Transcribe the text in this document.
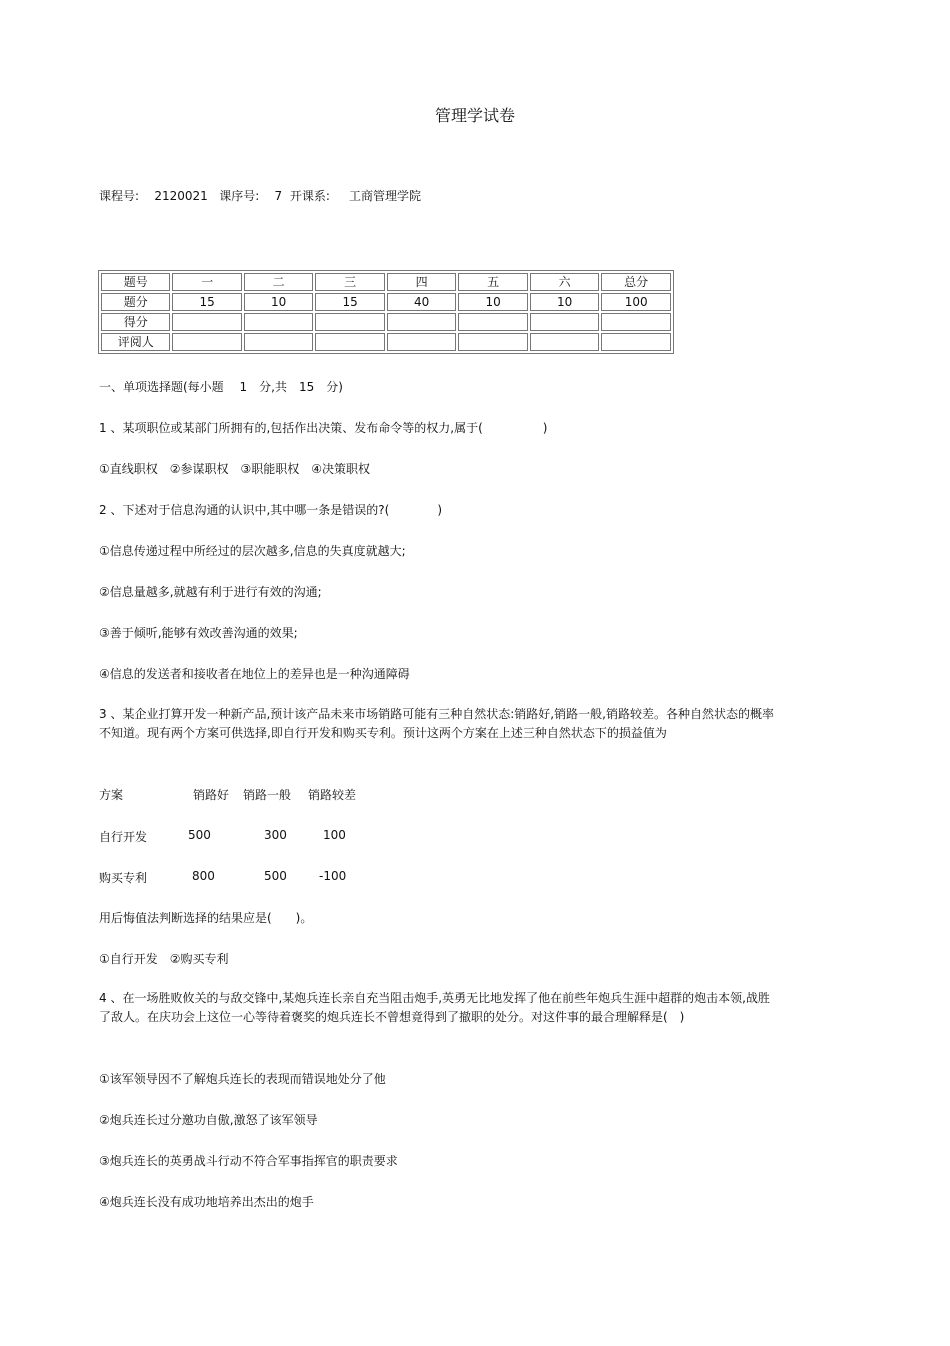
管理学试卷
课程号: 2120021 课序号: 7 开课系: 工商管理学院
题号	一	二	三	四	五	六	总分
题分	15	10	15	40	10	10	100
得分							
评阅人							
一、单项选择题(每小题　 1　分,共　15　分)
1 、某项职位或某部门所拥有的,包括作出决策、发布命令等的权力,属于(　　　　　)
①直线职权　②参谋职权　③职能职权　④决策职权
2 、下述对于信息沟通的认识中,其中哪一条是错误的?(　　　　)
①信息传递过程中所经过的层次越多,信息的失真度就越大;
②信息量越多,就越有利于进行有效的沟通;
③善于倾听,能够有效改善沟通的效果;
④信息的发送者和接收者在地位上的差异也是一种沟通障碍
3 、某企业打算开发一种新产品,预计该产品未来市场销路可能有三种自然状态:销路好,销路一般,销路较差。各种自然状态的概率不知道。现有两个方案可供选择,即自行开发和购买专利。预计这两个方案在上述三种自然状态下的损益值为
方案	销路好 销路一般 销路较差
自行开发	500	300	100
购买专利	800	500	-100
用后悔值法判断选择的结果应是(　　)。
①自行开发　②购买专利
4 、在一场胜败攸关的与敌交锋中,某炮兵连长亲自充当阻击炮手,英勇无比地发挥了他在前些年炮兵生涯中超群的炮击本领,战胜了敌人。在庆功会上这位一心等待着褒奖的炮兵连长不曾想竟得到了撤职的处分。对这件事的最合理解释是(　)
①该军领导因不了解炮兵连长的表现而错误地处分了他
②炮兵连长过分邀功自傲,激怒了该军领导
③炮兵连长的英勇战斗行动不符合军事指挥官的职责要求
④炮兵连长没有成功地培养出杰出的炮手
